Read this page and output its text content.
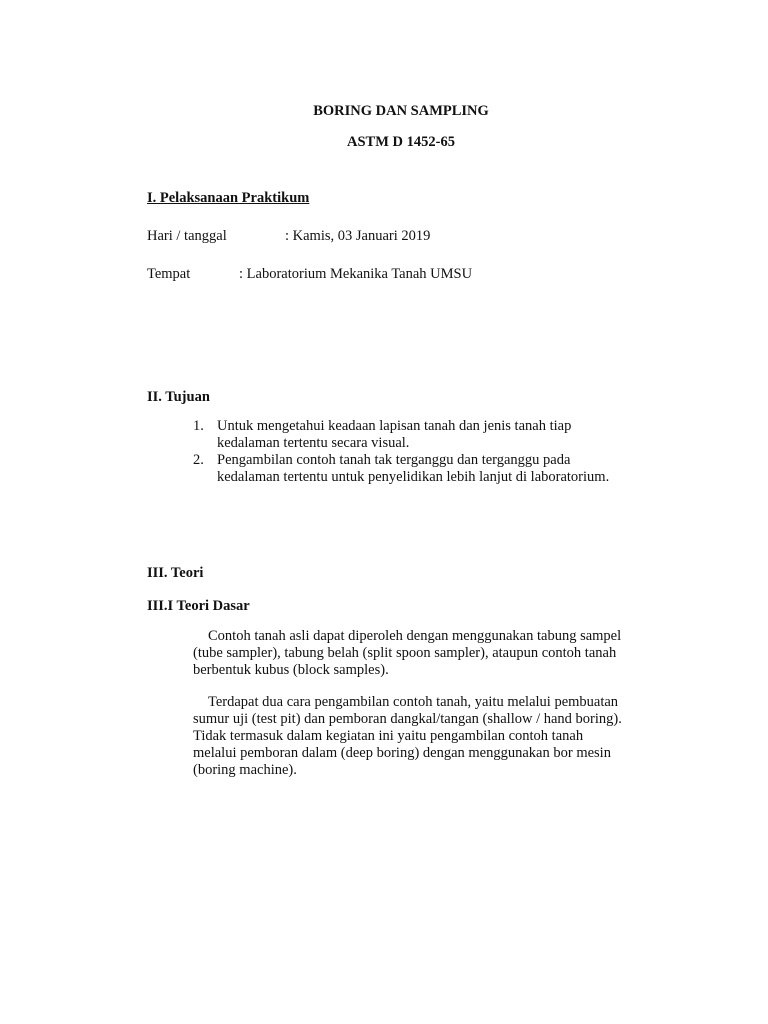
BORING DAN SAMPLING
ASTM D 1452-65
I. Pelaksanaan Praktikum
Hari / tanggal	: Kamis, 03 Januari 2019
Tempat	: Laboratorium Mekanika Tanah UMSU
II. Tujuan
1. Untuk mengetahui keadaan lapisan tanah dan jenis tanah tiap
kedalaman tertentu secara visual.
2. Pengambilan contoh tanah tak terganggu dan terganggu pada
kedalaman tertentu untuk penyelidikan lebih lanjut di laboratorium.
III. Teori
III.I Teori Dasar
Contoh tanah asli dapat diperoleh dengan menggunakan tabung sampel
(tube sampler), tabung belah (split spoon sampler), ataupun contoh tanah
berbentuk kubus (block samples).
Terdapat dua cara pengambilan contoh tanah, yaitu melalui pembuatan
sumur uji (test pit) dan pemboran dangkal/tangan (shallow / hand boring).
Tidak termasuk dalam kegiatan ini yaitu pengambilan contoh tanah
melalui pemboran dalam (deep boring) dengan menggunakan bor mesin
(boring machine).
